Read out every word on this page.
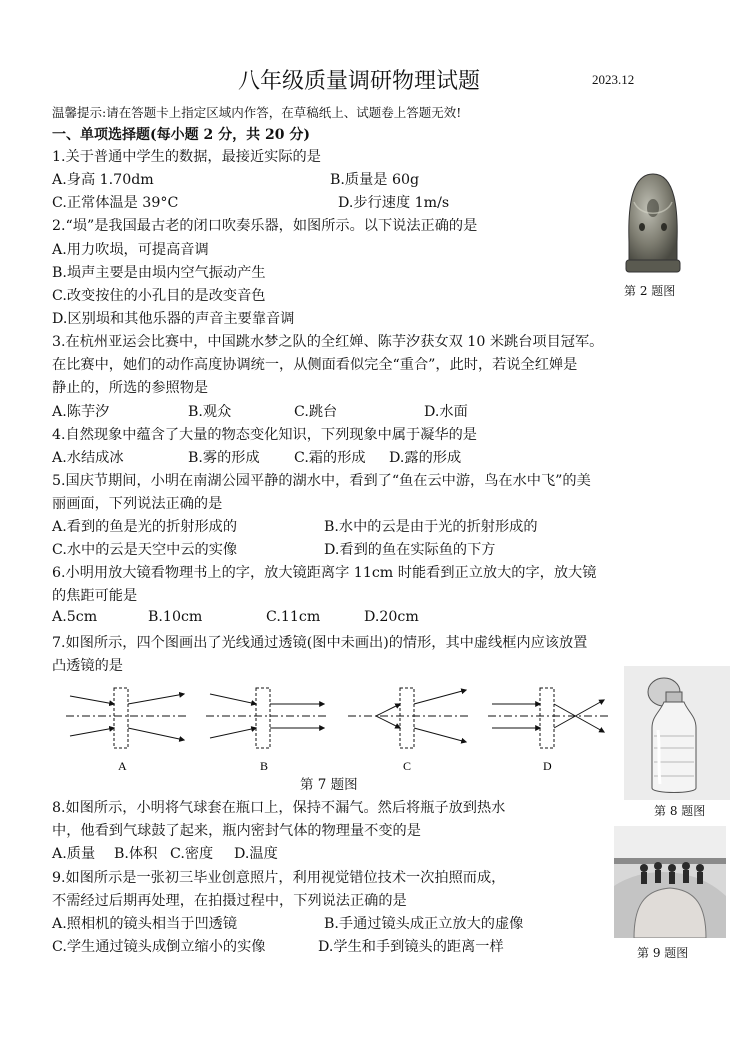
八年级质量调研物理试题	2023.12
温馨提示:请在答题卡上指定区域内作答，在草稿纸上、试题卷上答题无效!
一、单项选择题(每小题 2 分，共 20 分)
1.关于普通中学生的数据，最接近实际的是
A.身高 1.70dm	B.质量是 60g
C.正常体温是 39°C	D.步行速度 1m/s
2.“埙”是我国最古老的闭口吹奏乐器，如图所示。以下说法正确的是
A.用力吹埙，可提高音调
B.埙声主要是由埙内空气振动产生
C.改变按住的小孔目的是改变音色
D.区别埙和其他乐器的声音主要靠音调
第 2 题图
3.在杭州亚运会比赛中，中国跳水梦之队的全红婵、陈芋汐获女双 10 米跳台项目冠军。
在比赛中，她们的动作高度协调统一，从侧面看似完全“重合”，此时，若说全红婵是
静止的，所选的参照物是
A.陈芋汐	B.观众	C.跳台	D.水面
4.自然现象中蕴含了大量的物态变化知识，下列现象中属于凝华的是
A.水结成冰	B.雾的形成 C.霜的形成 D.露的形成
5.国庆节期间，小明在南湖公园平静的湖水中，看到了“鱼在云中游，鸟在水中飞”的美
丽画面，下列说法正确的是
A.看到的鱼是光的折射形成的	B.水中的云是由于光的折射形成的
C.水中的云是天空中云的实像	D.看到的鱼在实际鱼的下方
6.小明用放大镜看物理书上的字，放大镜距离字 11cm 时能看到正立放大的字，放大镜
的焦距可能是
A.5cm	B.10cm	C.11cm	D.20cm
7.如图所示，四个图画出了光线通过透镜(图中未画出)的情形，其中虚线框内应该放置
凸透镜的是
A	B	C	D
第 7 题图
第 8 题图
8.如图所示，小明将气球套在瓶口上，保持不漏气。然后将瓶子放到热水
中，他看到气球鼓了起来，瓶内密封气体的物理量不变的是
A.质量 B.体积 C.密度 D.温度
第 9 题图
9.如图所示是一张初三毕业创意照片，利用视觉错位技术一次拍照而成，
不需经过后期再处理，在拍摄过程中，下列说法正确的是
A.照相机的镜头相当于凹透镜	B.手通过镜头成正立放大的虚像
C.学生通过镜头成倒立缩小的实像	D.学生和手到镜头的距离一样
